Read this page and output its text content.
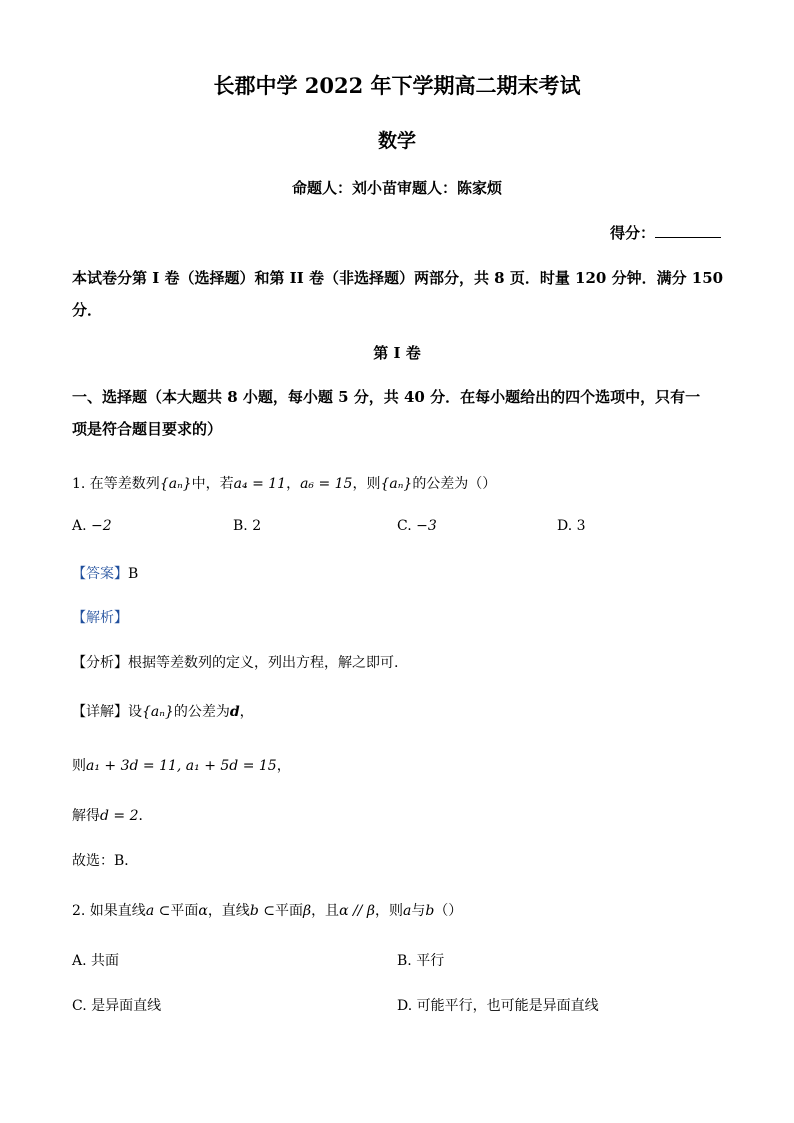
长郡中学 2022 年下学期高二期末考试
数学
命题人：刘小苗审题人：陈家烦
得分：
本试卷分第 I 卷（选择题）和第 II 卷（非选择题）两部分，共 8 页．时量 120 分钟．满分 150
分．
第 I 卷
一、选择题（本大题共 8 小题，每小题 5 分，共 40 分．在每小题给出的四个选项中，只有一
项是符合题目要求的）
1. 在等差数列{aₙ}中，若a₄ = 11，a₆ = 15，则{aₙ}的公差为（）
A. −2	B. 2	C. −3	D. 3
【答案】B
【解析】
【分析】根据等差数列的定义，列出方程，解之即可.
【详解】设{aₙ}的公差为d，
则a₁ + 3d = 11, a₁ + 5d = 15，
解得d = 2．
故选：B．
2. 如果直线a ⊂平面α，直线b ⊂平面β，且α // β，则a与b（）
A. 共面	B. 平行
C. 是异面直线	D. 可能平行，也可能是异面直线
